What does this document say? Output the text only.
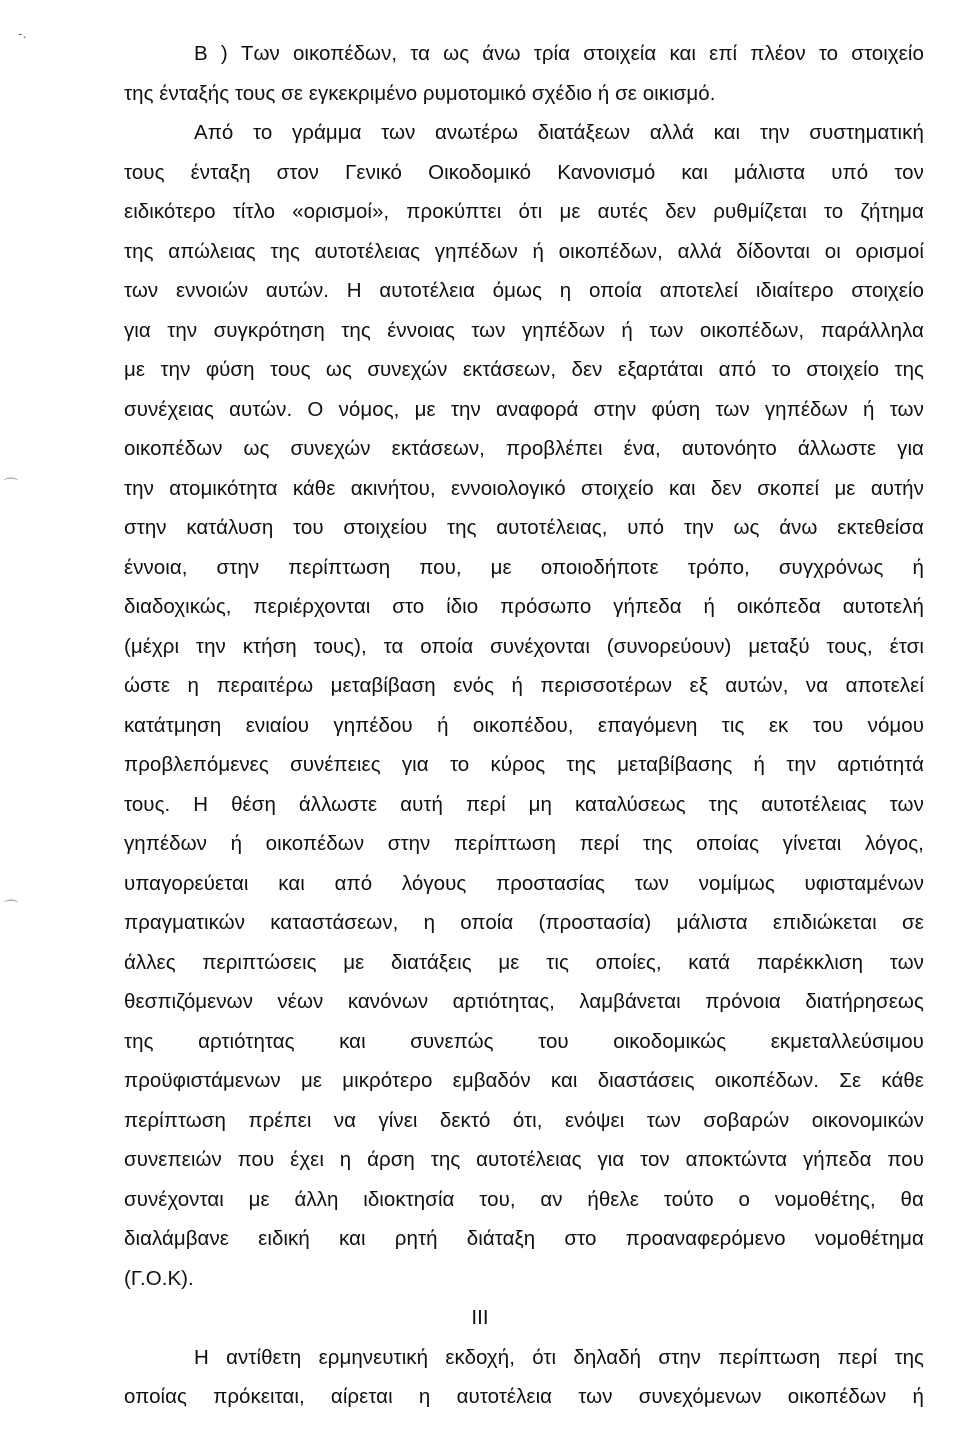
B ) Των οικοπέδων, τα ως άνω τρία στοιχεία και επί πλέον το στοιχείο
της ένταξής τους σε εγκεκριμένο ρυμοτομικό σχέδιο ή σε οικισμό.
Από το γράμμα των ανωτέρω διατάξεων αλλά και την συστηματική
τους ένταξη στον Γενικό Οικοδομικό Κανονισμό και μάλιστα υπό τον
ειδικότερο τίτλο «ορισμοί», προκύπτει ότι με αυτές δεν ρυθμίζεται το ζήτημα
της απώλειας της αυτοτέλειας γηπέδων ή οικοπέδων, αλλά δίδονται οι ορισμοί
των εννοιών αυτών. Η αυτοτέλεια όμως η οποία αποτελεί ιδιαίτερο στοιχείο
για την συγκρότηση της έννοιας των γηπέδων ή των οικοπέδων, παράλληλα
με την φύση τους ως συνεχών εκτάσεων, δεν εξαρτάται από το στοιχείο της
συνέχειας αυτών. Ο νόμος, με την αναφορά στην φύση των γηπέδων ή των
οικοπέδων ως συνεχών εκτάσεων, προβλέπει ένα, αυτονόητο άλλωστε για
την ατομικότητα κάθε ακινήτου, εννοιολογικό στοιχείο και δεν σκοπεί με αυτήν
στην κατάλυση του στοιχείου της αυτοτέλειας, υπό την ως άνω εκτεθείσα
έννοια, στην περίπτωση που, με οποιοδήποτε τρόπο, συγχρόνως ή
διαδοχικώς, περιέρχονται στο ίδιο πρόσωπο γήπεδα ή οικόπεδα αυτοτελή
(μέχρι την κτήση τους), τα οποία συνέχονται (συνορεύουν) μεταξύ τους, έτσι
ώστε η περαιτέρω μεταβίβαση ενός ή περισσοτέρων εξ αυτών, να αποτελεί
κατάτμηση ενιαίου γηπέδου ή οικοπέδου, επαγόμενη τις εκ του νόμου
προβλεπόμενες συνέπειες για το κύρος της μεταβίβασης ή την αρτιότητά
τους. Η θέση άλλωστε αυτή περί μη καταλύσεως της αυτοτέλειας των
γηπέδων ή οικοπέδων στην περίπτωση περί της οποίας γίνεται λόγος,
υπαγορεύεται και από λόγους προστασίας των νομίμως υφισταμένων
πραγματικών καταστάσεων, η οποία (προστασία) μάλιστα επιδιώκεται σε
άλλες περιπτώσεις με διατάξεις με τις οποίες, κατά παρέκκλιση των
θεσπιζόμενων νέων κανόνων αρτιότητας, λαμβάνεται πρόνοια διατήρησεως
της αρτιότητας και συνεπώς του οικοδομικώς εκμεταλλεύσιμου
προϋφιστάμενων με μικρότερο εμβαδόν και διαστάσεις οικοπέδων. Σε κάθε
περίπτωση πρέπει να γίνει δεκτό ότι, ενόψει των σοβαρών οικονομικών
συνεπειών που έχει η άρση της αυτοτέλειας για τον αποκτώντα γήπεδα που
συνέχονται με άλλη ιδιοκτησία του, αν ήθελε τούτο ο νομοθέτης, θα
διαλάμβανε ειδική και ρητή διάταξη στο προαναφερόμενο νομοθέτημα
(Γ.Ο.Κ).
ΙΙΙ
Η αντίθετη ερμηνευτική εκδοχή, ότι δηλαδή στην περίπτωση περί της
οποίας πρόκειται, αίρεται η αυτοτέλεια των συνεχόμενων οικοπέδων ή
-.
⌒
⌒
